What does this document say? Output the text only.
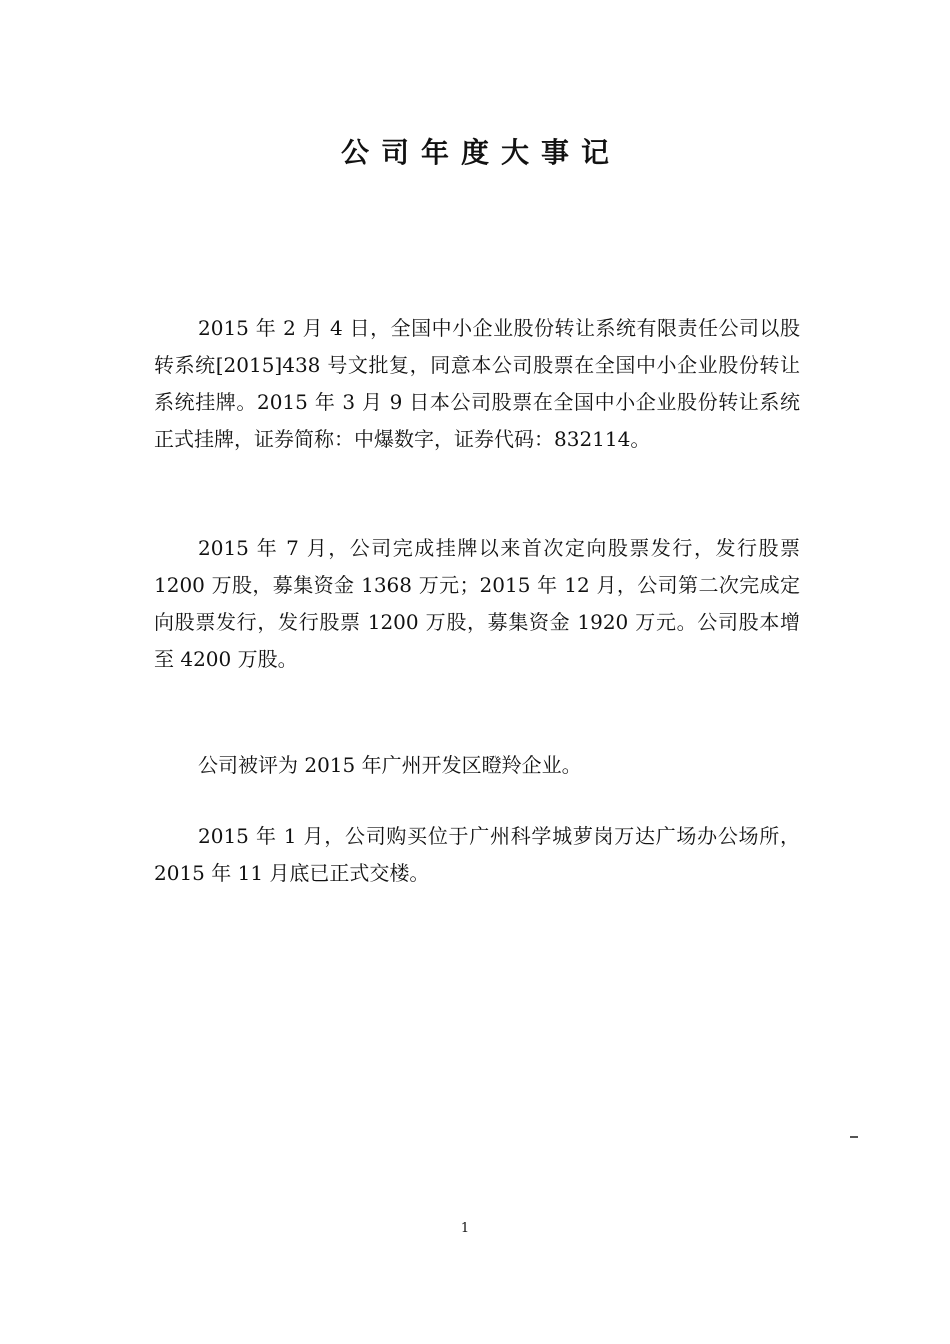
公司年度大事记

2015 年 2 月 4 日，全国中小企业股份转让系统有限责任公司以股转系统[2015]438 号文批复，同意本公司股票在全国中小企业股份转让系统挂牌。2015 年 3 月 9 日本公司股票在全国中小企业股份转让系统正式挂牌，证券简称：中爆数字，证券代码：832114。

2015 年 7 月，公司完成挂牌以来首次定向股票发行，发行股票 1200 万股，募集资金 1368 万元；2015 年 12 月，公司第二次完成定向股票发行，发行股票 1200 万股，募集资金 1920 万元。公司股本增至 4200 万股。

公司被评为 2015 年广州开发区瞪羚企业。

2015 年 1 月，公司购买位于广州科学城萝岗万达广场办公场所，2015 年 11 月底已正式交楼。

1
